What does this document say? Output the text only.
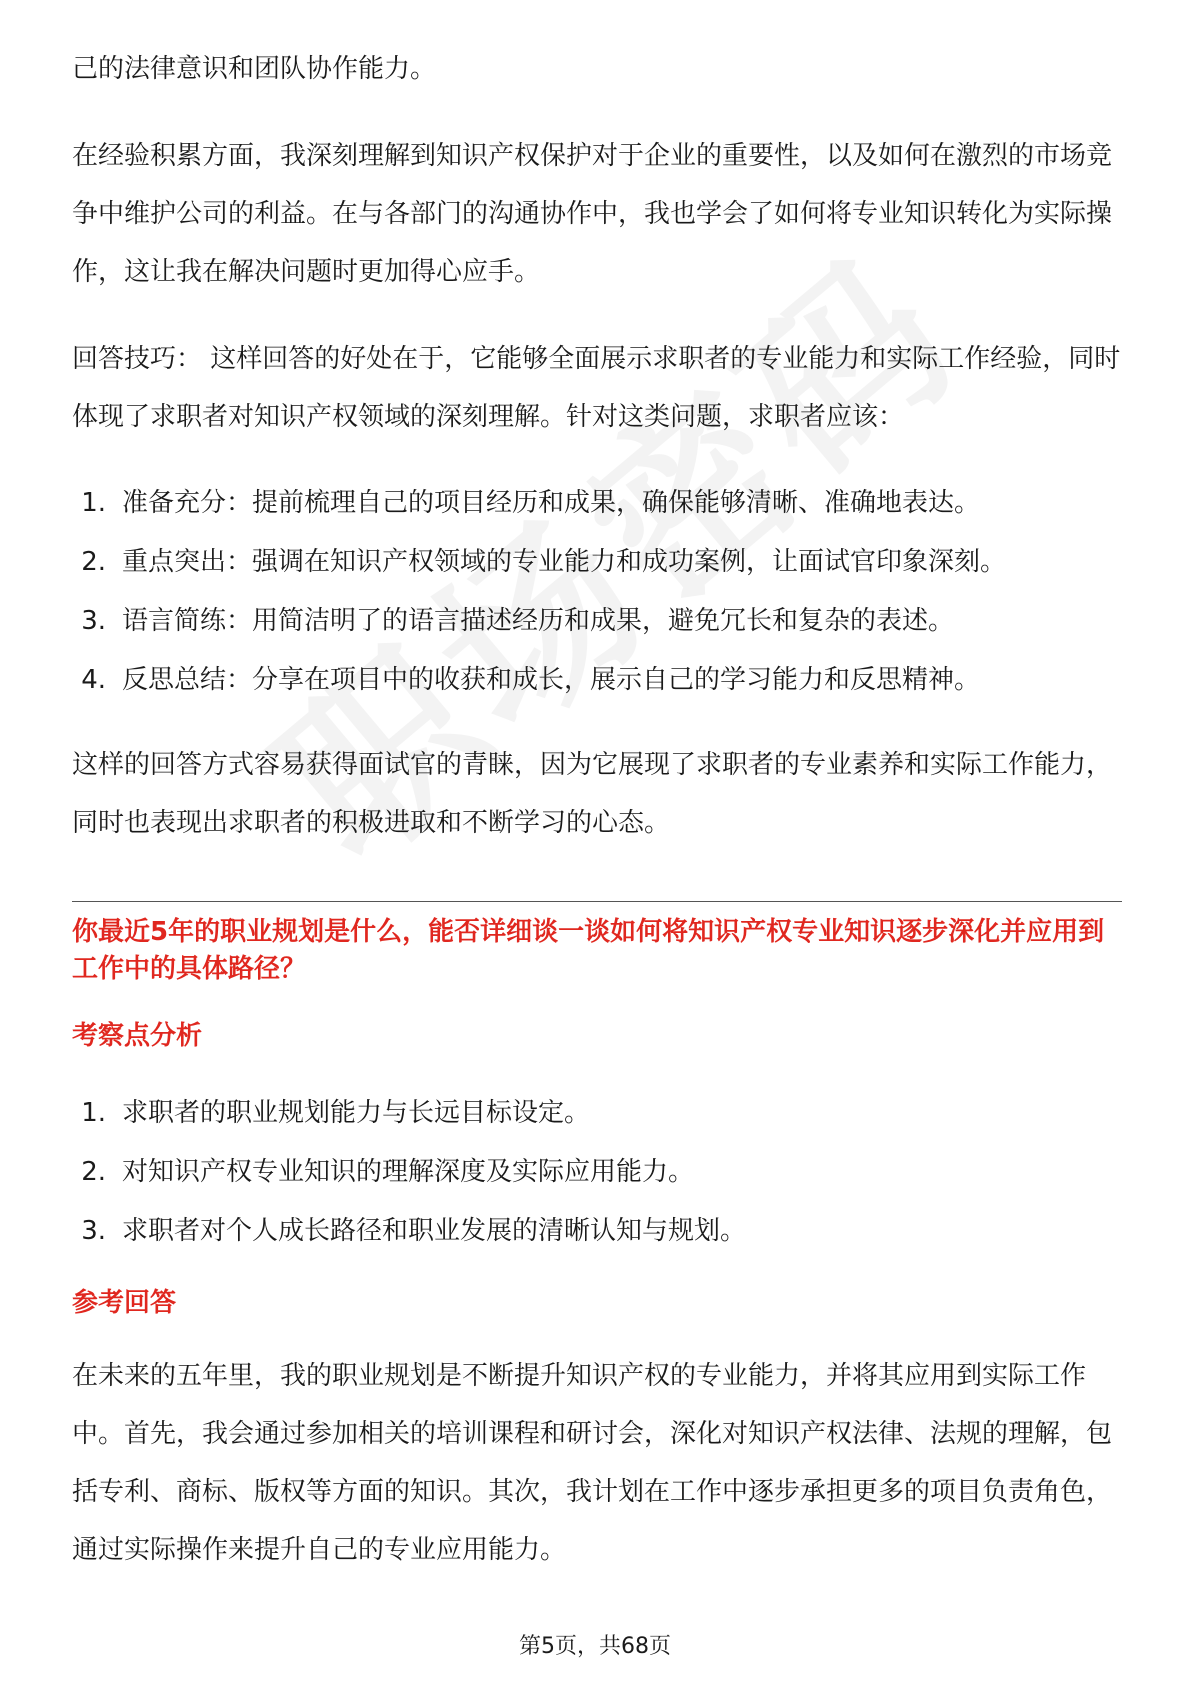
己的法律意识和团队协作能力。

在经验积累方面，我深刻理解到知识产权保护对于企业的重要性，以及如何在激烈的市场竞争中维护公司的利益。在与各部门的沟通协作中，我也学会了如何将专业知识转化为实际操作，这让我在解决问题时更加得心应手。

回答技巧： 这样回答的好处在于，它能够全面展示求职者的专业能力和实际工作经验，同时体现了求职者对知识产权领域的深刻理解。针对这类问题，求职者应该：

1. 准备充分：提前梳理自己的项目经历和成果，确保能够清晰、准确地表达。
2. 重点突出：强调在知识产权领域的专业能力和成功案例，让面试官印象深刻。
3. 语言简练：用简洁明了的语言描述经历和成果，避免冗长和复杂的表述。
4. 反思总结：分享在项目中的收获和成长，展示自己的学习能力和反思精神。

这样的回答方式容易获得面试官的青睐，因为它展现了求职者的专业素养和实际工作能力，同时也表现出求职者的积极进取和不断学习的心态。

你最近5年的职业规划是什么，能否详细谈一谈如何将知识产权专业知识逐步深化并应用到工作中的具体路径？

考察点分析

1. 求职者的职业规划能力与长远目标设定。
2. 对知识产权专业知识的理解深度及实际应用能力。
3. 求职者对个人成长路径和职业发展的清晰认知与规划。

参考回答

在未来的五年里，我的职业规划是不断提升知识产权的专业能力，并将其应用到实际工作中。首先，我会通过参加相关的培训课程和研讨会，深化对知识产权法律、法规的理解，包括专利、商标、版权等方面的知识。其次，我计划在工作中逐步承担更多的项目负责角色，通过实际操作来提升自己的专业应用能力。

第5页，共68页
